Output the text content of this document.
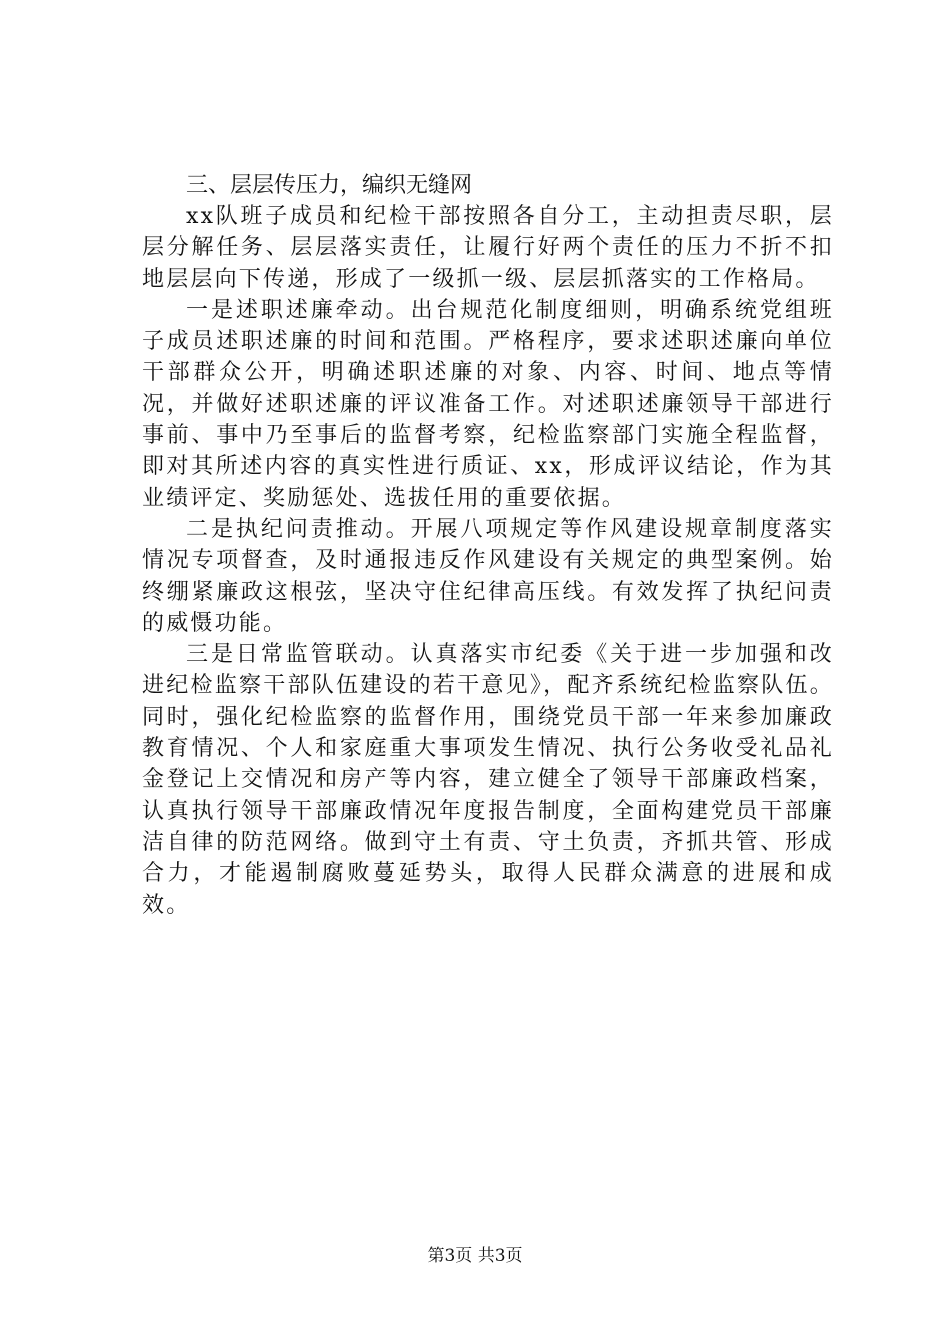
三、层层传压力，编织无缝网

xx队班子成员和纪检干部按照各自分工，主动担责尽职，层层分解任务、层层落实责任，让履行好两个责任的压力不折不扣地层层向下传递，形成了一级抓一级、层层抓落实的工作格局。

一是述职述廉牵动。出台规范化制度细则，明确系统党组班子成员述职述廉的时间和范围。严格程序，要求述职述廉向单位干部群众公开，明确述职述廉的对象、内容、时间、地点等情况，并做好述职述廉的评议准备工作。对述职述廉领导干部进行事前、事中乃至事后的监督考察，纪检监察部门实施全程监督，即对其所述内容的真实性进行质证、xx，形成评议结论，作为其业绩评定、奖励惩处、选拔任用的重要依据。

二是执纪问责推动。开展八项规定等作风建设规章制度落实情况专项督查，及时通报违反作风建设有关规定的典型案例。始终绷紧廉政这根弦，坚决守住纪律高压线。有效发挥了执纪问责的威慑功能。

三是日常监管联动。认真落实市纪委《关于进一步加强和改进纪检监察干部队伍建设的若干意见》，配齐系统纪检监察队伍。同时，强化纪检监察的监督作用，围绕党员干部一年来参加廉政教育情况、个人和家庭重大事项发生情况、执行公务收受礼品礼金登记上交情况和房产等内容，建立健全了领导干部廉政档案，认真执行领导干部廉政情况年度报告制度，全面构建党员干部廉洁自律的防范网络。做到守土有责、守土负责，齐抓共管、形成合力，才能遏制腐败蔓延势头，取得人民群众满意的进展和成效。

第3页 共3页
